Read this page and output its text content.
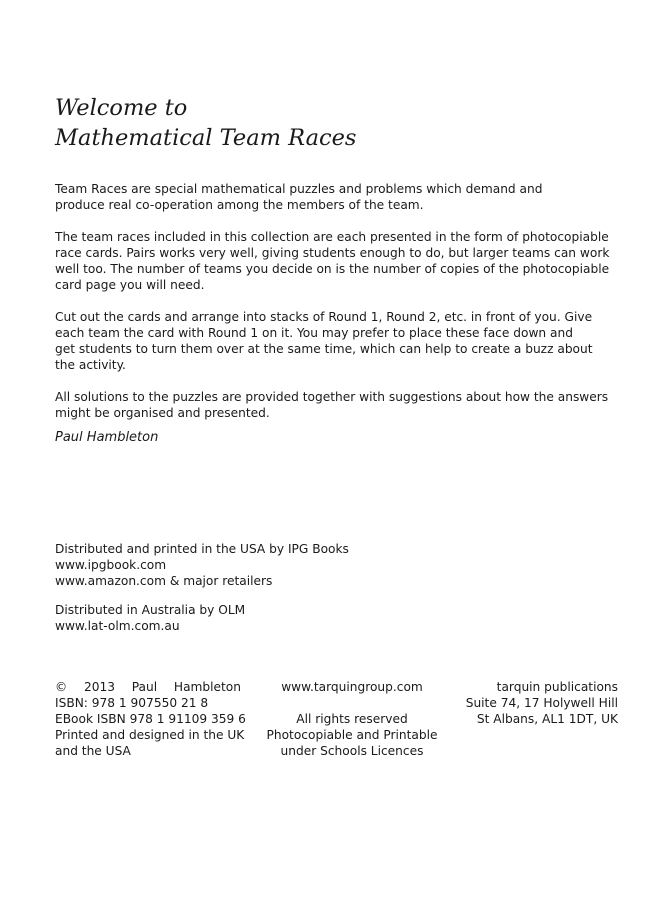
Welcome to
Mathematical Team Races

Team Races are special mathematical puzzles and problems which demand and produce real co-operation among the members of the team.

The team races included in this collection are each presented in the form of photocopiable race cards. Pairs works very well, giving students enough to do, but larger teams can work well too. The number of teams you decide on is the number of copies of the photocopiable card page you will need.

Cut out the cards and arrange into stacks of Round 1, Round 2, etc. in front of you. Give each team the card with Round 1 on it. You may prefer to place these face down and get students to turn them over at the same time, which can help to create a buzz about the activity.

All solutions to the puzzles are provided together with suggestions about how the answers might be organised and presented.

Paul Hambleton
Distributed and printed in the USA by IPG Books
www.ipgbook.com
www.amazon.com & major retailers
Distributed in Australia by OLM
www.lat-olm.com.au
© 2013 Paul Hambleton
ISBN: 978 1 907550 21 8
EBook ISBN 978 1 91109 359 6
Printed and designed in the UK
and the USA
www.tarquingroup.com
All rights reserved
Photocopiable and Printable
under Schools Licences
tarquin publications
Suite 74, 17 Holywell Hill
St Albans, AL1 1DT, UK
